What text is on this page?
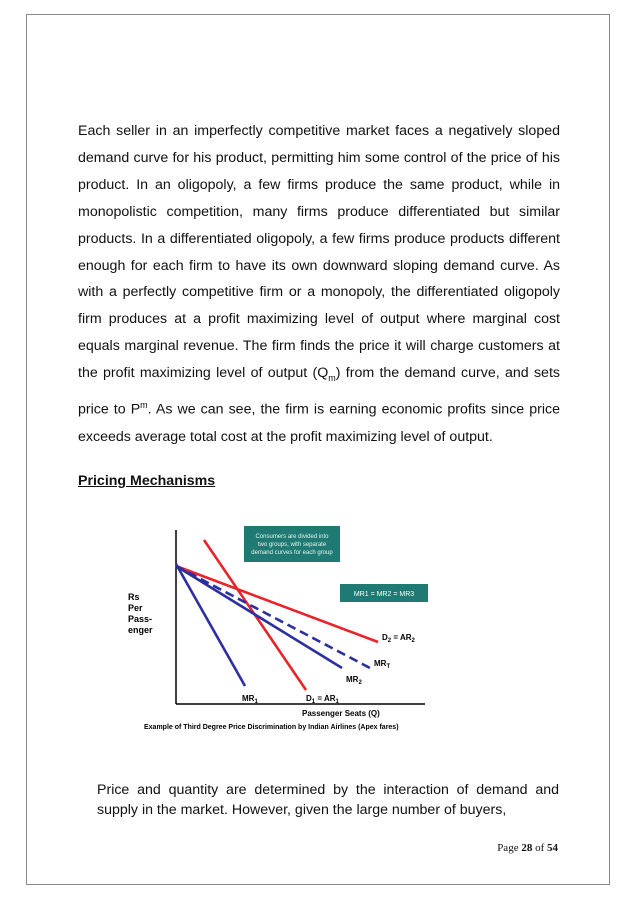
Each seller in an imperfectly competitive market faces a negatively sloped demand curve for his product, permitting him some control of the price of his product. In an oligopoly, a few firms produce the same product, while in monopolistic competition, many firms produce differentiated but similar products. In a differentiated oligopoly, a few firms produce products different enough for each firm to have its own downward sloping demand curve. As with a perfectly competitive firm or a monopoly, the differentiated oligopoly firm produces at a profit maximizing level of output where marginal cost equals marginal revenue. The firm finds the price it will charge customers at the profit maximizing level of output $(Q_m)$ from the demand curve, and sets price to $P^m$. As we can see, the firm is earning economic profits since price exceeds average total cost at the profit maximizing level of output.

Pricing Mechanisms

Rs
Per
Pass-
enger
Consumers are divided into
two groups, with separate
demand curves for each group
MR1 = MR2 = MR3
$D_2 = AR_2$
$MR_T$
$MR_2$
$D_1 = AR_1$
$MR_1$
Passenger Seats (Q)
Example of Third Degree Price Discrimination by Indian Airlines (Apex fares)

Price and quantity are determined by the interaction of demand and supply in the market. However, given the large number of buyers,

Page 28 of 54
